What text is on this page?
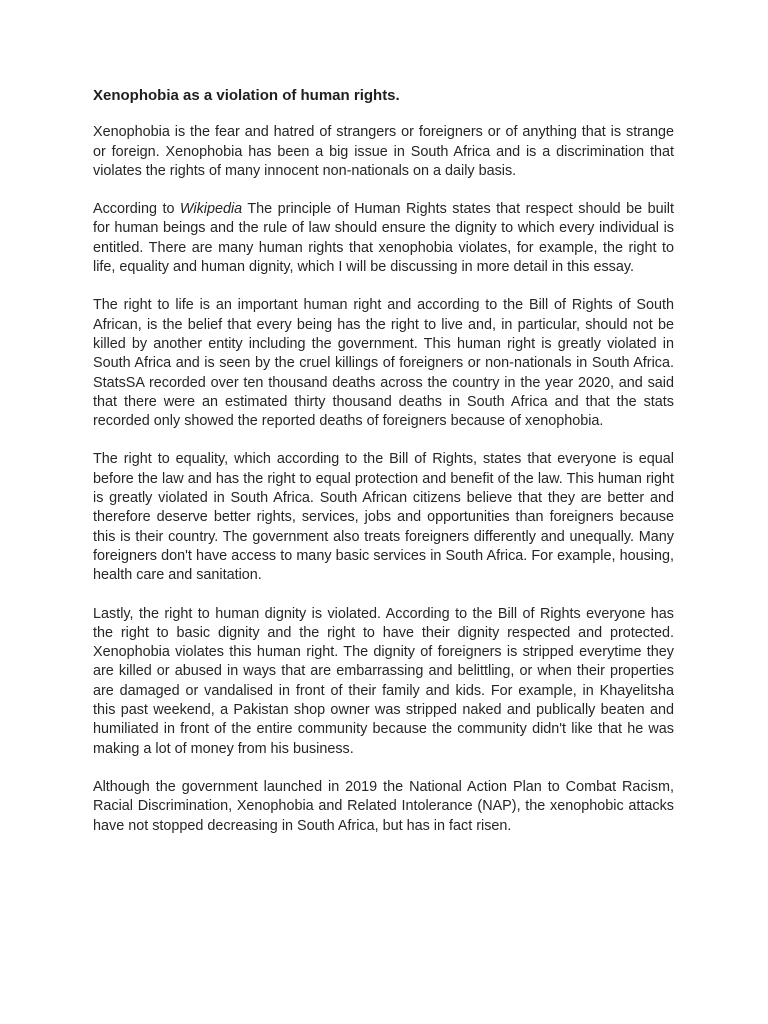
Xenophobia as a violation of human rights.

Xenophobia is the fear and hatred of strangers or foreigners or of anything that is strange or foreign. Xenophobia has been a big issue in South Africa and is a discrimination that violates the rights of many innocent non-nationals on a daily basis.

According to Wikipedia The principle of Human Rights states that respect should be built for human beings and the rule of law should ensure the dignity to which every individual is entitled. There are many human rights that xenophobia violates, for example, the right to life, equality and human dignity, which I will be discussing in more detail in this essay.

The right to life is an important human right and according to the Bill of Rights of South African, is the belief that every being has the right to live and, in particular, should not be killed by another entity including the government. This human right is greatly violated in South Africa and is seen by the cruel killings of foreigners or non-nationals in South Africa. StatsSA recorded over ten thousand deaths across the country in the year 2020, and said that there were an estimated thirty thousand deaths in South Africa and that the stats recorded only showed the reported deaths of foreigners because of xenophobia.

The right to equality, which according to the Bill of Rights, states that everyone is equal before the law and has the right to equal protection and benefit of the law. This human right is greatly violated in South Africa. South African citizens believe that they are better and therefore deserve better rights, services, jobs and opportunities than foreigners because this is their country. The government also treats foreigners differently and unequally. Many foreigners don't have access to many basic services in South Africa. For example, housing, health care and sanitation.

Lastly, the right to human dignity is violated. According to the Bill of Rights everyone has the right to basic dignity and the right to have their dignity respected and protected. Xenophobia violates this human right. The dignity of foreigners is stripped everytime they are killed or abused in ways that are embarrassing and belittling, or when their properties are damaged or vandalised in front of their family and kids. For example, in Khayelitsha this past weekend, a Pakistan shop owner was stripped naked and publically beaten and humiliated in front of the entire community because the community didn't like that he was making a lot of money from his business.

Although the government launched in 2019 the National Action Plan to Combat Racism, Racial Discrimination, Xenophobia and Related Intolerance (NAP), the xenophobic attacks have not stopped decreasing in South Africa, but has in fact risen.
